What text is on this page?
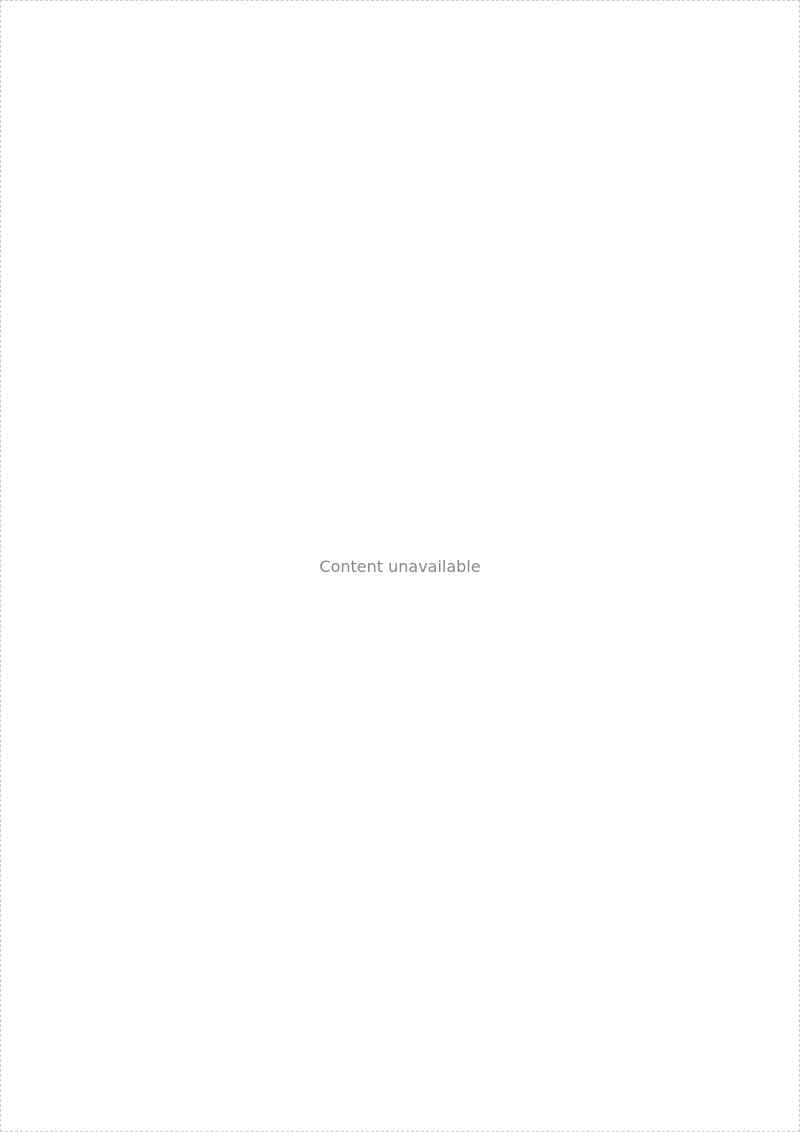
Content unavailable
